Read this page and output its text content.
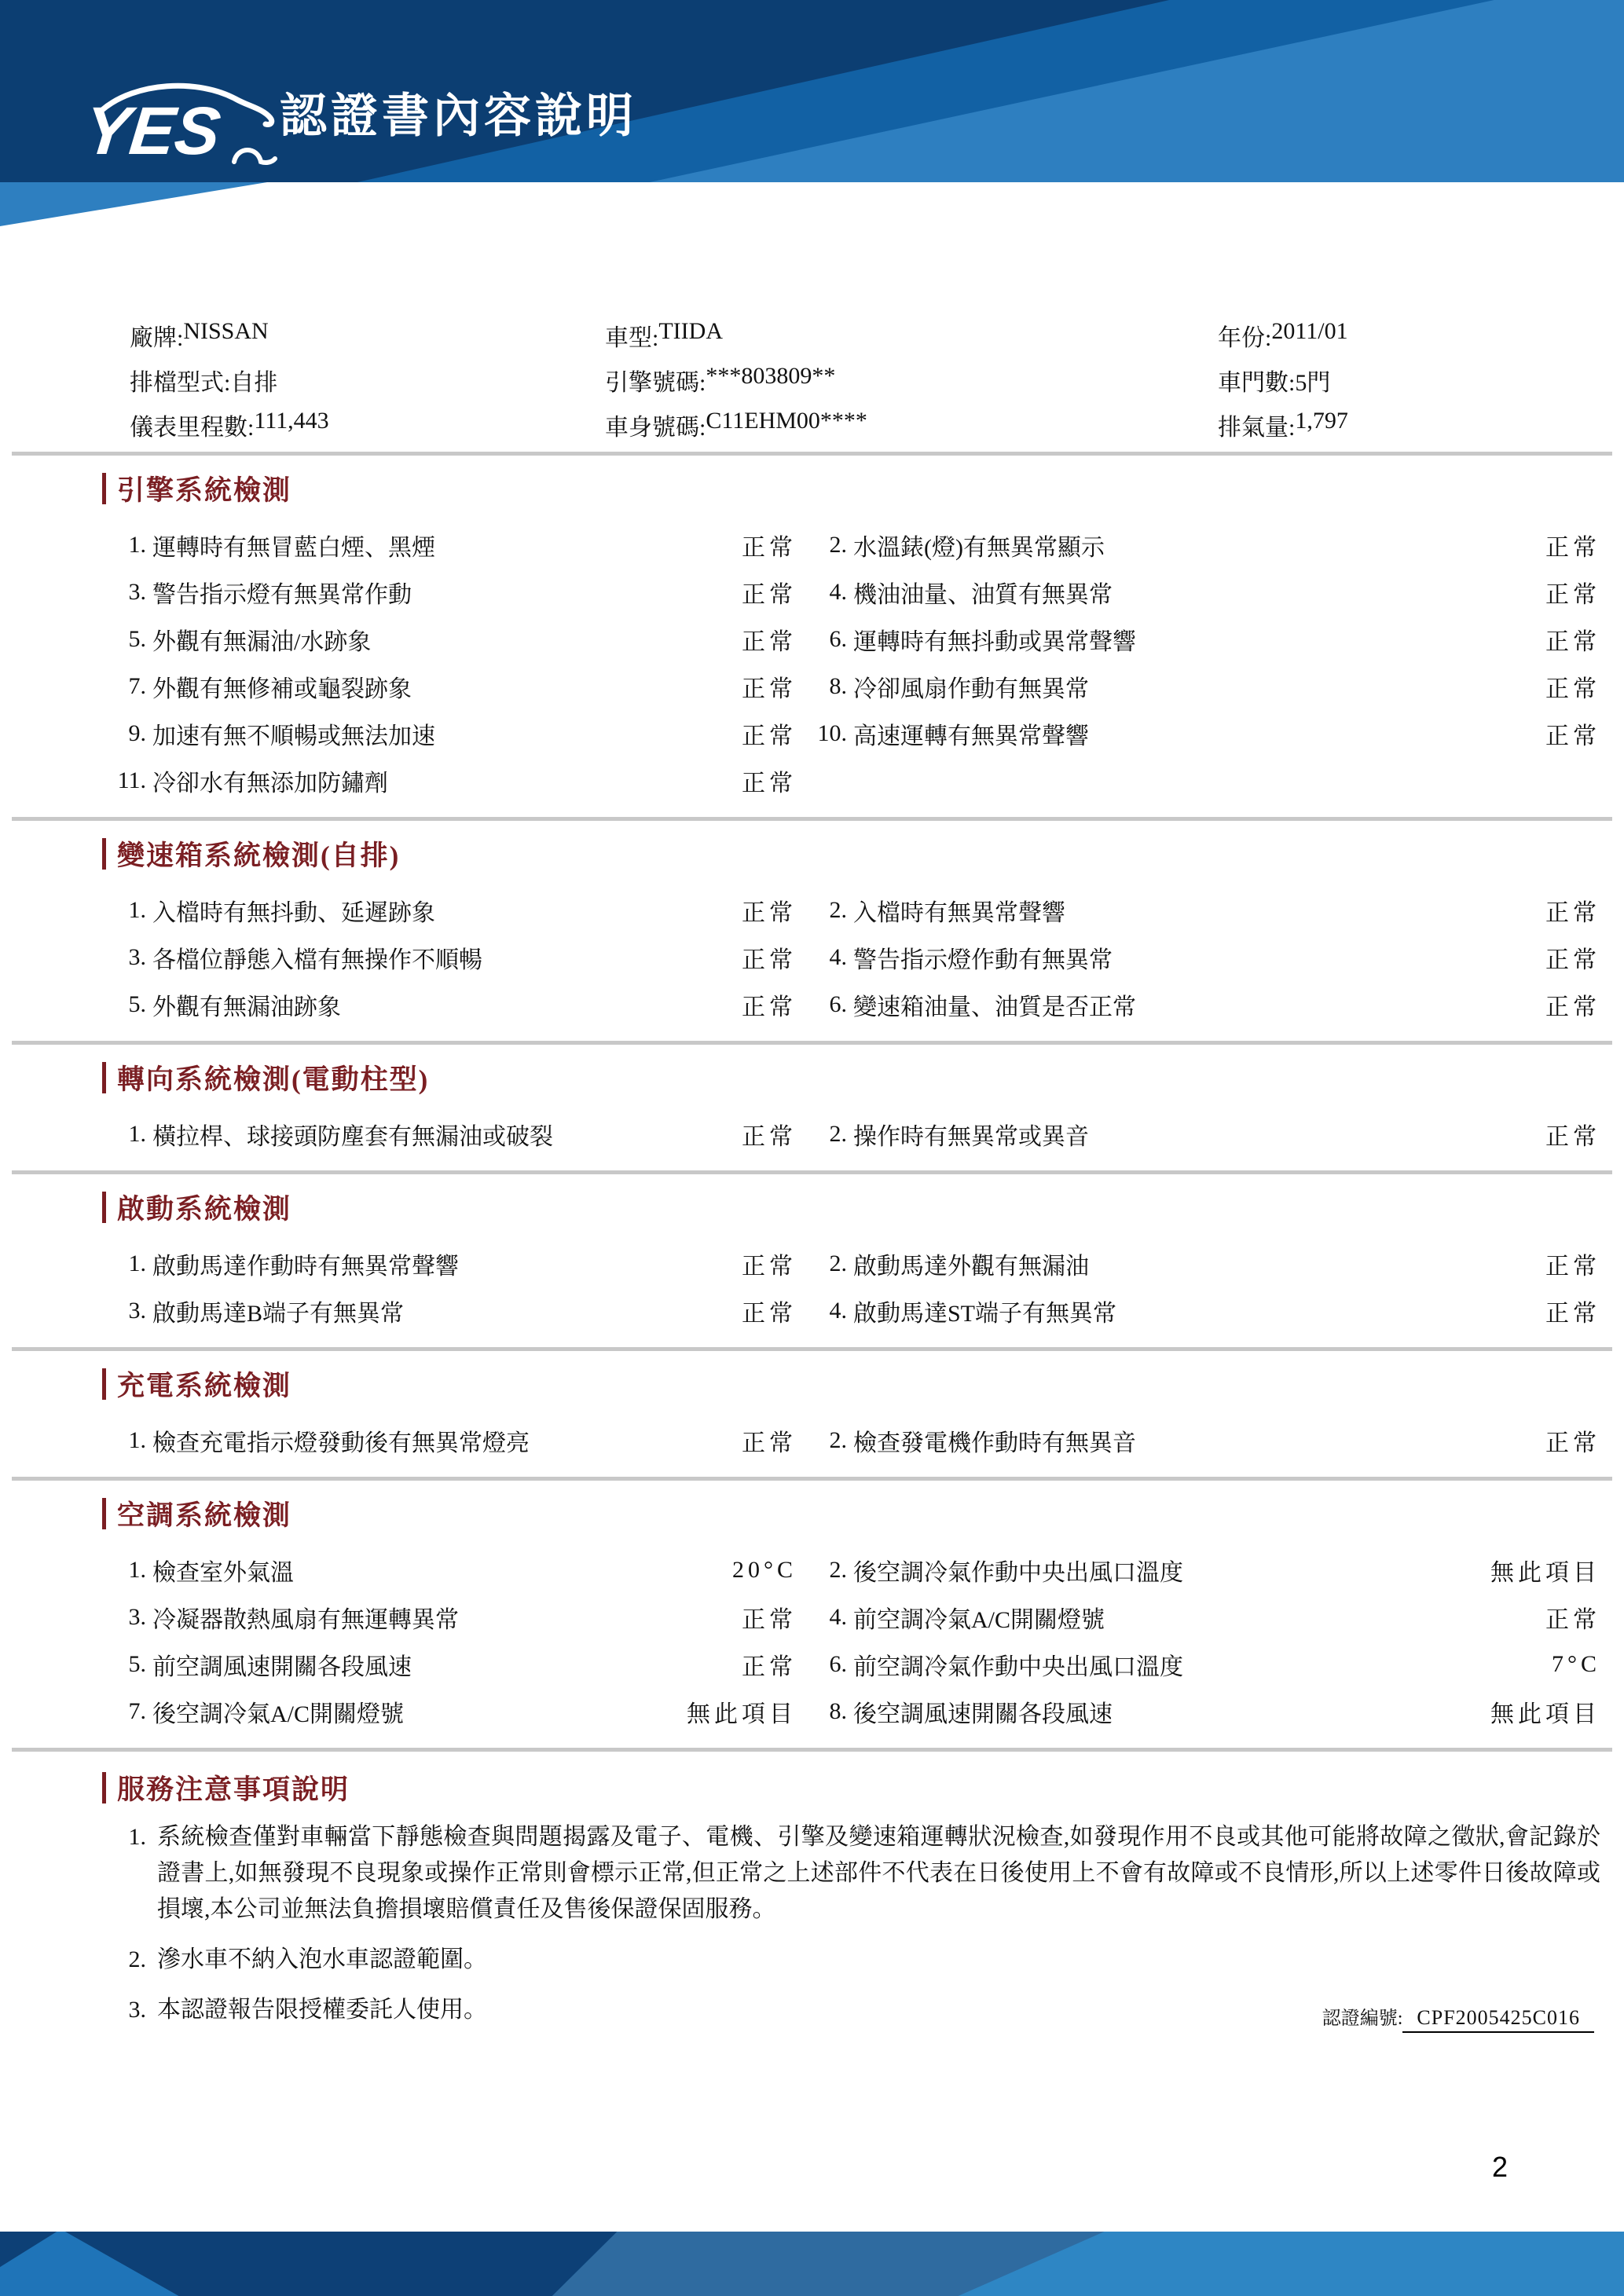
YES 認證書內容說明
廠牌: NISSAN	車型: TIIDA	年份: 2011/01
排檔型式: 自排	引擎號碼: ***803809**	車門數: 5門
儀表里程數: 111,443	車身號碼: C11EHM00****	排氣量: 1,797
引擎系統檢測
1. 運轉時有無冒藍白煙、黑煙	正常	2. 水溫錶(燈)有無異常顯示	正常
3. 警告指示燈有無異常作動	正常	4. 機油油量、油質有無異常	正常
5. 外觀有無漏油/水跡象	正常	6. 運轉時有無抖動或異常聲響	正常
7. 外觀有無修補或龜裂跡象	正常	8. 冷卻風扇作動有無異常	正常
9. 加速有無不順暢或無法加速	正常 10. 高速運轉有無異常聲響	正常
11. 冷卻水有無添加防鏽劑	正常
變速箱系統檢測(自排)
1. 入檔時有無抖動、延遲跡象	正常	2. 入檔時有無異常聲響	正常
3. 各檔位靜態入檔有無操作不順暢	正常	4. 警告指示燈作動有無異常	正常
5. 外觀有無漏油跡象	正常	6. 變速箱油量、油質是否正常	正常
轉向系統檢測(電動柱型)
1. 橫拉桿、球接頭防塵套有無漏油或破裂	正常	2. 操作時有無異常或異音	正常
啟動系統檢測
1. 啟動馬達作動時有無異常聲響	正常	2. 啟動馬達外觀有無漏油	正常
3. 啟動馬達B端子有無異常	正常	4. 啟動馬達ST端子有無異常	正常
充電系統檢測
1. 檢查充電指示燈發動後有無異常燈亮	正常	2. 檢查發電機作動時有無異音	正常
空調系統檢測
1. 檢查室外氣溫	20°C	2. 後空調冷氣作動中央出風口溫度	無此項目
3. 冷凝器散熱風扇有無運轉異常	正常	4. 前空調冷氣A/C開關燈號	正常
5. 前空調風速開關各段風速	正常	6. 前空調冷氣作動中央出風口溫度	7°C
7. 後空調冷氣A/C開關燈號	無此項目	8. 後空調風速開關各段風速	無此項目
服務注意事項說明
1. 系統檢查僅對車輛當下靜態檢查與問題揭露及電子、電機、引擎及變速箱運轉狀況檢查,如發現作用不良或其他可能將故障之徵狀,會記錄於證書上,如無發現不良現象或操作正常則會標示正常,但正常之上述部件不代表在日後使用上不會有故障或不良情形,所以上述零件日後故障或損壞,本公司並無法負擔損壞賠償責任及售後保證保固服務。
2. 滲水車不納入泡水車認證範圍。
3. 本認證報告限授權委託人使用。	認證編號: CPF2005425C016
2
